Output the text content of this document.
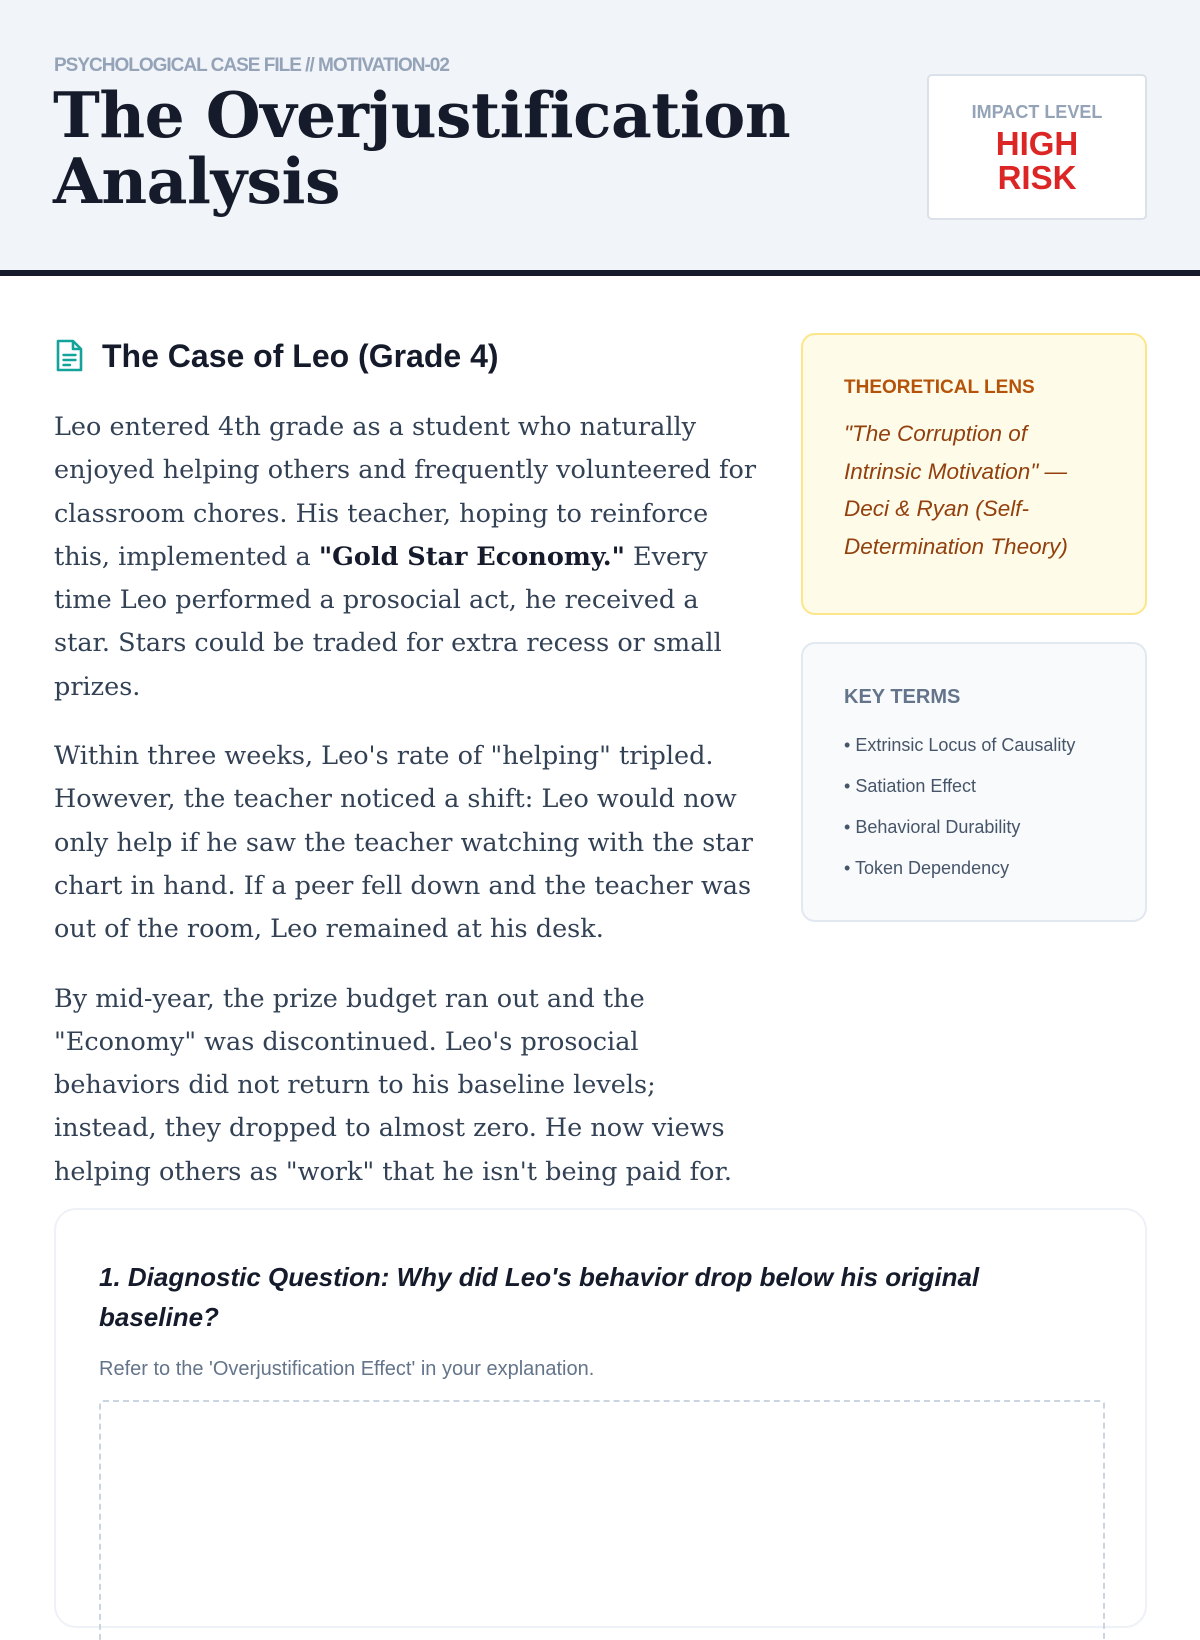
PSYCHOLOGICAL CASE FILE // MOTIVATION-02
The Overjustification Analysis
IMPACT LEVEL
HIGH RISK
The Case of Leo (Grade 4)

Leo entered 4th grade as a student who naturally enjoyed helping others and frequently volunteered for classroom chores. His teacher, hoping to reinforce this, implemented a "Gold Star Economy." Every time Leo performed a prosocial act, he received a star. Stars could be traded for extra recess or small prizes.

Within three weeks, Leo's rate of "helping" tripled. However, the teacher noticed a shift: Leo would now only help if he saw the teacher watching with the star chart in hand. If a peer fell down and the teacher was out of the room, Leo remained at his desk.

By mid-year, the prize budget ran out and the "Economy" was discontinued. Leo's prosocial behaviors did not return to his baseline levels; instead, they dropped to almost zero. He now views helping others as "work" that he isn't being paid for.

THEORETICAL LENS
"The Corruption of Intrinsic Motivation" — Deci & Ryan (Self-Determination Theory)
KEY TERMS
• Extrinsic Locus of Causality
• Satiation Effect
• Behavioral Durability
• Token Dependency
1. Diagnostic Question: Why did Leo's behavior drop below his original baseline?
Refer to the 'Overjustification Effect' in your explanation.
